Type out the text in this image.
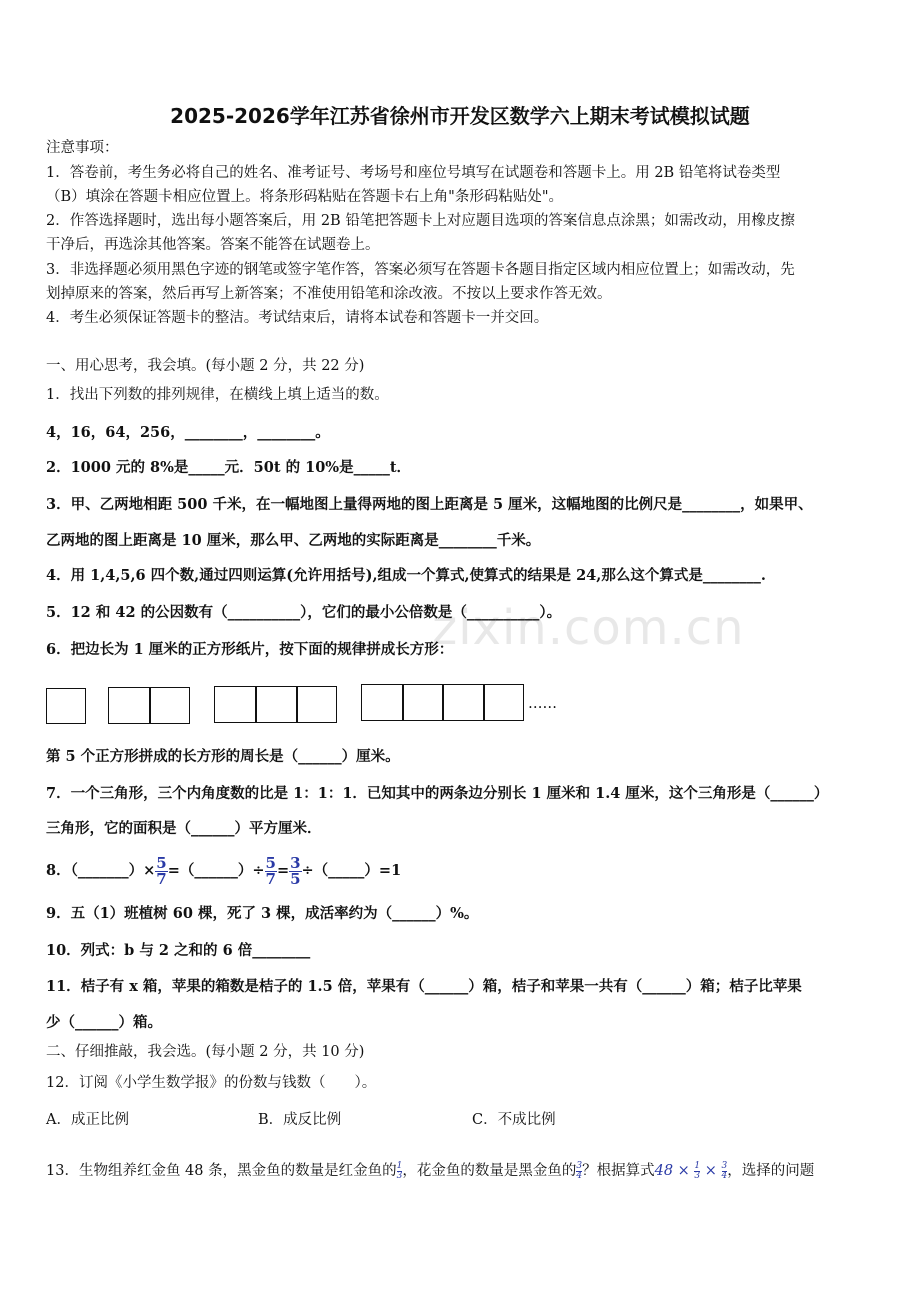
zixin.com.cn
2025-2026学年江苏省徐州市开发区数学六上期末考试模拟试题
注意事项：
1．答卷前，考生务必将自己的姓名、准考证号、考场号和座位号填写在试题卷和答题卡上。用 2B 铅笔将试卷类型
（B）填涂在答题卡相应位置上。将条形码粘贴在答题卡右上角"条形码粘贴处"。
2．作答选择题时，选出每小题答案后，用 2B 铅笔把答题卡上对应题目选项的答案信息点涂黑；如需改动，用橡皮擦
干净后，再选涂其他答案。答案不能答在试题卷上。
3．非选择题必须用黑色字迹的钢笔或签字笔作答，答案必须写在答题卡各题目指定区域内相应位置上；如需改动，先
划掉原来的答案，然后再写上新答案；不准使用铅笔和涂改液。不按以上要求作答无效。
4．考生必须保证答题卡的整洁。考试结束后，请将本试卷和答题卡一并交回。
一、用心思考，我会填。(每小题 2 分，共 22 分)
1．找出下列数的排列规律，在横线上填上适当的数。
4，16，64，256，________，________。
2．1000 元的 8%是_____元．50t 的 10%是_____t．
3．甲、乙两地相距 500 千米，在一幅地图上量得两地的图上距离是 5 厘米，这幅地图的比例尺是________，如果甲、
乙两地的图上距离是 10 厘米，那么甲、乙两地的实际距离是________千米。
4．用 1,4,5,6 四个数,通过四则运算(允许用括号),组成一个算式,使算式的结果是 24,那么这个算式是________.
5．12 和 42 的公因数有（__________），它们的最小公倍数是（__________）。
6．把边长为 1 厘米的正方形纸片，按下面的规律拼成长方形：
……
第 5 个正方形拼成的长方形的周长是（______）厘米。
7．一个三角形，三个内角度数的比是 1：1：1．已知其中的两条边分别长 1 厘米和 1.4 厘米，这个三角形是（______）
三角形，它的面积是（______）平方厘米．
8．（_______）× $\frac{5}{7}$ =（______）÷ $\frac{5}{7} = \frac{3}{5}$ ÷（_____）=1
9．五（1）班植树 60 棵，死了 3 棵，成活率约为（______）%。
10．列式：b 与 2 之和的 6 倍________
11．桔子有 x 箱，苹果的箱数是桔子的 1.5 倍，苹果有（______）箱，桔子和苹果一共有（______）箱；桔子比苹果
少（______）箱。
二、仔细推敲，我会选。(每小题 2 分，共 10 分)
12．订阅《小学生数学报》的份数与钱数（　　）。
A．成正比例	B．成反比例	C．不成比例
13．生物组养红金鱼 48 条，黑金鱼的数量是红金鱼的 $\frac{1}{3}$ ，花金鱼的数量是黑金鱼的 $\frac{3}{4}$ ？根据算式$48 \times \frac{1}{3} \times \frac{3}{4}$ ，选择的问题
